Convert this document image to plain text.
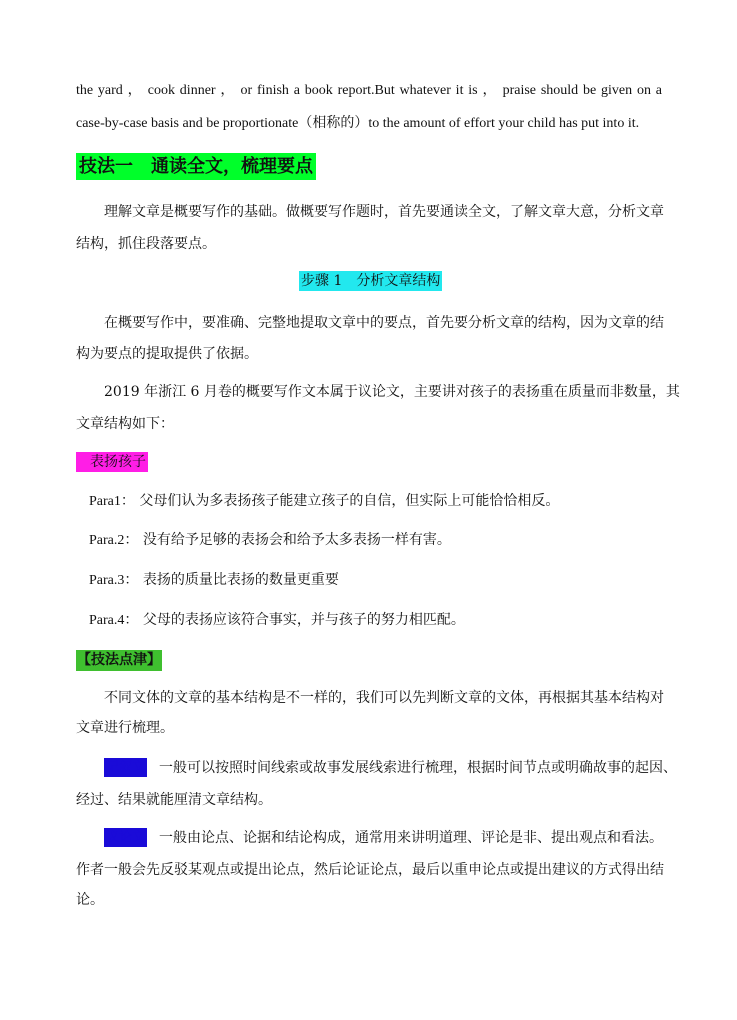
the yard ， cook dinner ， or finish a book report.But whatever it is ， praise should be given on a
case-by-case basis and be proportionate（相称的）to the amount of effort your child has put into it.
技法一　通读全文，梳理要点
理解文章是概要写作的基础。做概要写作题时，首先要通读全文，了解文章大意，分析文章
结构，抓住段落要点。
步骤 1　分析文章结构
在概要写作中，要准确、完整地提取文章中的要点，首先要分析文章的结构，因为文章的结
构为要点的提取提供了依据。
2019 年浙江 6 月卷的概要写作文本属于议论文，主要讲对孩子的表扬重在质量而非数量，其
文章结构如下：
表扬孩子
Para1： 父母们认为多表扬孩子能建立孩子的自信，但实际上可能恰恰相反。
Para.2： 没有给予足够的表扬会和给予太多表扬一样有害。
Para.3： 表扬的质量比表扬的数量更重要
Para.4： 父母的表扬应该符合事实，并与孩子的努力相匹配。
【技法点津】
不同文体的文章的基本结构是不一样的，我们可以先判断文章的文体，再根据其基本结构对
文章进行梳理。
记叙文 一般可以按照时间线索或故事发展线索进行梳理，根据时间节点或明确故事的起因、
经过、结果就能厘清文章结构。
议论文 一般由论点、论据和结论构成，通常用来讲明道理、评论是非、提出观点和看法。
作者一般会先反驳某观点或提出论点，然后论证论点，最后以重申论点或提出建议的方式得出结
论。
